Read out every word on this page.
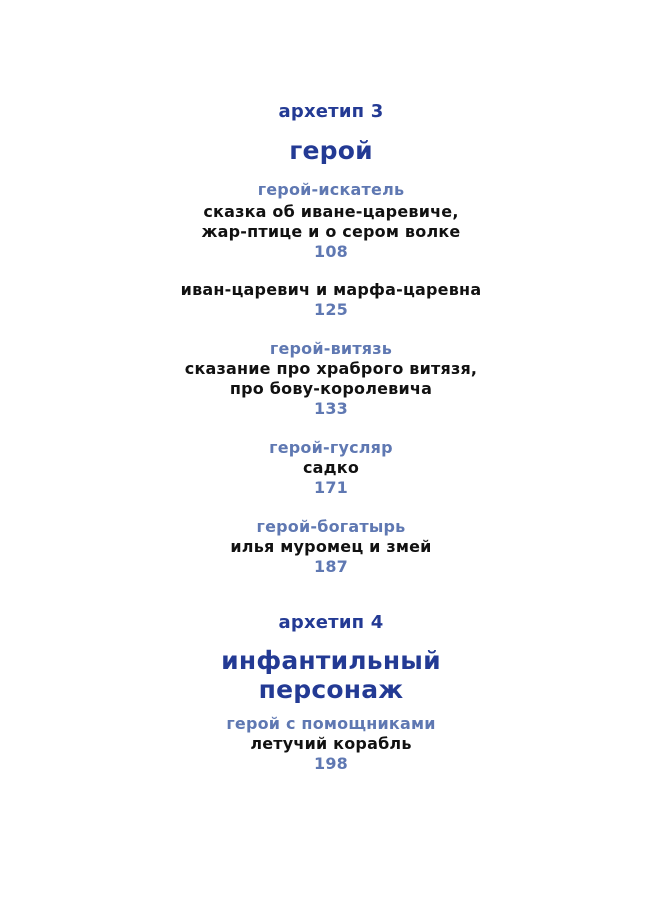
архетип 3
герой
герой-искатель
сказка об иване-царевиче,
жар-птице и о сером волке
108
иван-царевич и марфа-царевна
125
герой-витязь
сказание про храброго витязя,
про бову-королевича
133
герой-гусляр
садко
171
герой-богатырь
илья муромец и змей
187
архетип 4
инфантильный
персонаж
герой с помощниками
летучий корабль
198
